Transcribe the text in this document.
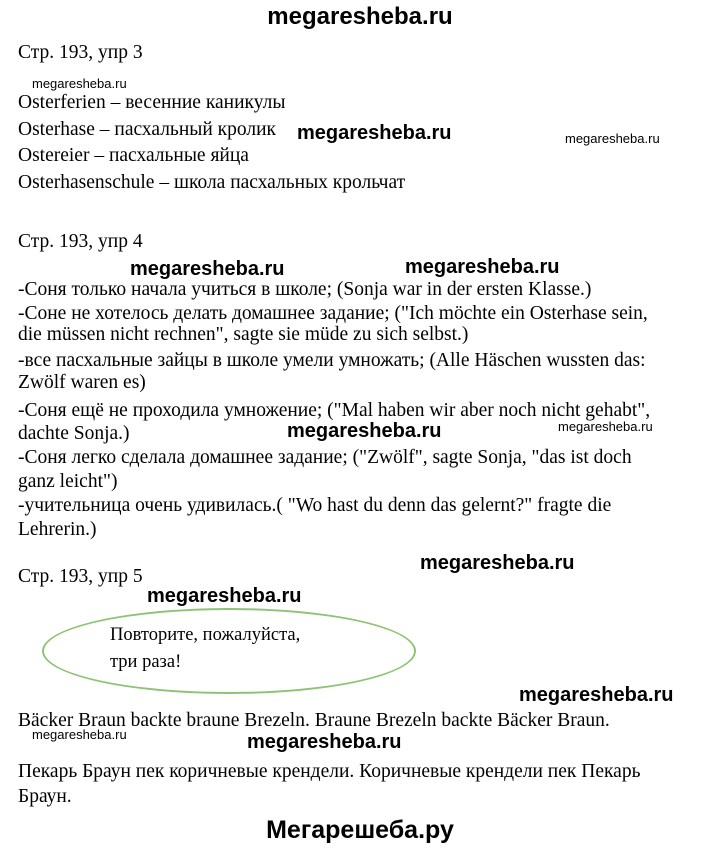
megaresheba.ru
Стр. 193, упр 3
megaresheba.ru
Osterferien – весенние каникулы
Osterhase – пасхальный кролик megaresheba.ru	megaresheba.ru
Ostereier – пасхальные яйца
Osterhasenschule – школа пасхальных крольчат
Стр. 193, упр 4
megaresheba.ru	megaresheba.ru
-Соня только начала учиться в школе; (Sonja war in der ersten Klasse.)
-Соне не хотелось делать домашнее задание; ("Ich möchte ein Osterhase sein,
die müssen nicht rechnen", sagte sie müde zu sich selbst.)
-все пасхальные зайцы в школе умели умножать; (Alle Häschen wussten das:
Zwölf waren es)
-Соня ещё не проходила умножение; ("Mal haben wir aber noch nicht gehabt",
megaresheba.ru
dachte Sonja.)	megaresheba.ru
-Соня легко сделала домашнее задание; ("Zwölf", sagte Sonja, "das ist doch
ganz leicht")
-учительница очень удивилась.( "Wo hast du denn das gelernt?" fragte die
Lehrerin.)
megaresheba.ru
Стр. 193, упр 5
megaresheba.ru
Повторите, пожалуйста,
три раза!
megaresheba.ru
Bäcker Braun backte braune Brezeln. Braune Brezeln backte Bäcker Braun.
megaresheba.ru	megaresheba.ru
Пекарь Браун пек коричневые крендели. Коричневые крендели пек Пекарь
Браун.
Мегарешеба.ру
